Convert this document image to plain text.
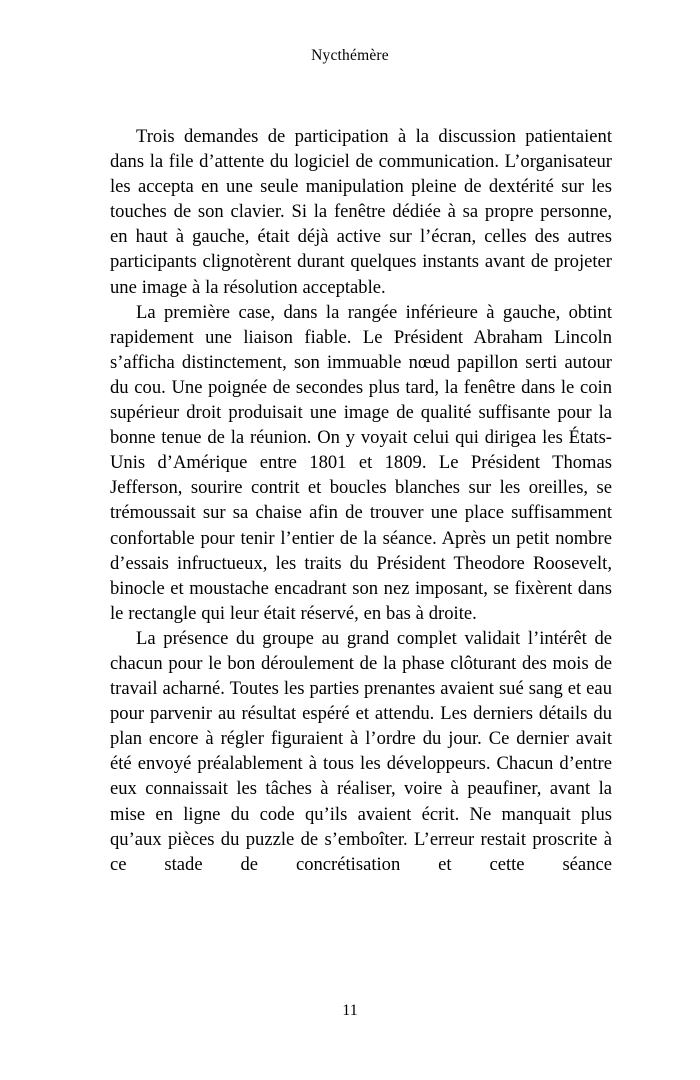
Nycthémère

Trois demandes de participation à la discussion patientaient dans la file d’attente du logiciel de communication. L’organisateur les accepta en une seule manipulation pleine de dextérité sur les touches de son clavier. Si la fenêtre dédiée à sa propre personne, en haut à gauche, était déjà active sur l’écran, celles des autres participants clignotèrent durant quelques instants avant de projeter une image à la résolution acceptable.

La première case, dans la rangée inférieure à gauche, obtint rapidement une liaison fiable. Le Président Abraham Lincoln s’afficha distinctement, son immuable nœud papillon serti autour du cou. Une poignée de secondes plus tard, la fenêtre dans le coin supérieur droit produisait une image de qualité suffisante pour la bonne tenue de la réunion. On y voyait celui qui dirigea les États-Unis d’Amérique entre 1801 et 1809. Le Président Thomas Jefferson, sourire contrit et boucles blanches sur les oreilles, se trémoussait sur sa chaise afin de trouver une place suffisamment confortable pour tenir l’entier de la séance. Après un petit nombre d’essais infructueux, les traits du Président Theodore Roosevelt, binocle et moustache encadrant son nez imposant, se fixèrent dans le rectangle qui leur était réservé, en bas à droite.

La présence du groupe au grand complet validait l’intérêt de chacun pour le bon déroulement de la phase clôturant des mois de travail acharné. Toutes les parties prenantes avaient sué sang et eau pour parvenir au résultat espéré et attendu. Les derniers détails du plan encore à régler figuraient à l’ordre du jour. Ce dernier avait été envoyé préalablement à tous les développeurs. Chacun d’entre eux connaissait les tâches à réaliser, voire à peaufiner, avant la mise en ligne du code qu’ils avaient écrit. Ne manquait plus qu’aux pièces du puzzle de s’emboîter. L’erreur restait proscrite à ce stade de concrétisation et cette séance

11
